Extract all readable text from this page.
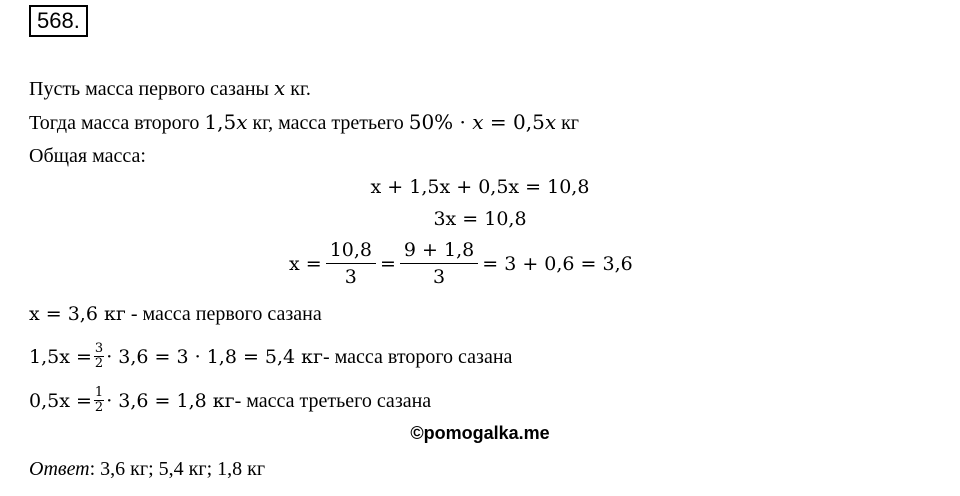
568.
Пусть масса первого сазаны x кг.
Тогда масса второго 1,5x кг, масса третьего 50% · x = 0,5x кг
Общая масса:
x + 1,5x + 0,5x = 10,8
3x = 10,8
$x = \frac{10,8}{3} = \frac{9 + 1,8}{3} = 3 + 0,6 = 3,6$
x = 3,6 кг - масса первого сазана
$1,5x = \frac{3}{2} \cdot 3,6 = 3 \cdot 1,8 = 5,4$ кг - масса второго сазана
$0,5x = \frac{1}{2} \cdot 3,6 = 1,8$ кг - масса третьего сазана
©pomogalka.me
Ответ: 3,6 кг; 5,4 кг; 1,8 кг
